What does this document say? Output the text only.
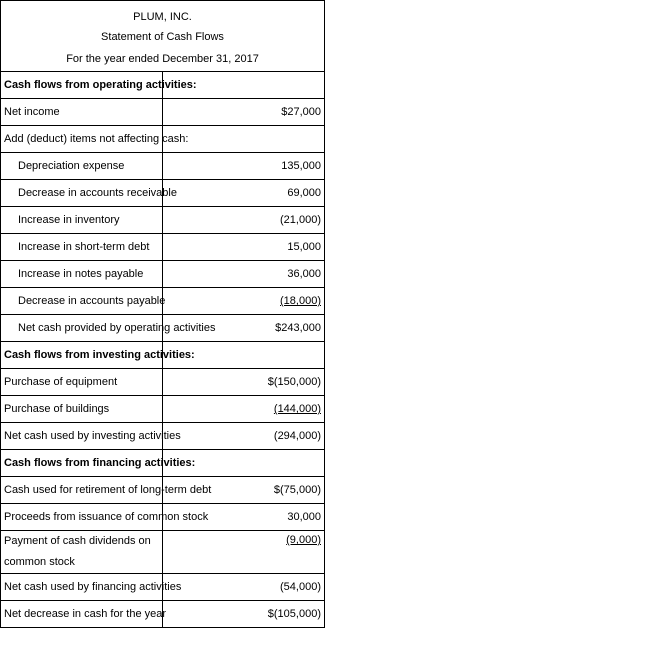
PLUM, INC.	
Statement of Cash Flows	
For the year ended December 31, 2017	
Cash flows from operating activities:	
Net income	$27,000
Add (deduct) items not affecting cash:	
Depreciation expense	135,000
Decrease in accounts receivable	69,000
Increase in inventory	(21,000)
Increase in short-term debt	15,000
Increase in notes payable	36,000
Decrease in accounts payable	(18,000)
Net cash provided by operating activities	$243,000
Cash flows from investing activities:	
Purchase of equipment	$(150,000)
Purchase of buildings	(144,000)
Net cash used by investing activities	(294,000)
Cash flows from financing activities:	
Cash used for retirement of long-term debt	$(75,000)
Proceeds from issuance of common stock	30,000
Payment of cash dividends on common stock	(9,000)
Net cash used by financing activities	(54,000)
Net decrease in cash for the year	$(105,000)
